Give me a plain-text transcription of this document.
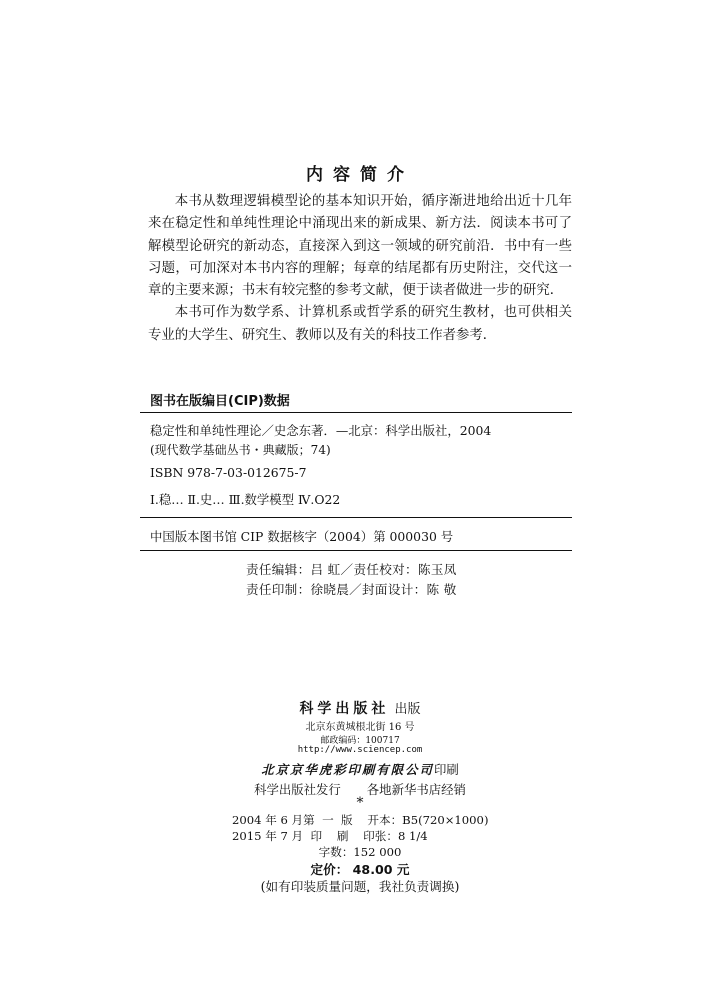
内容简介

本书从数理逻辑模型论的基本知识开始，循序渐进地给出近十几年来在稳定性和单纯性理论中涌现出来的新成果、新方法．阅读本书可了解模型论研究的新动态，直接深入到这一领域的研究前沿．书中有一些习题，可加深对本书内容的理解；每章的结尾都有历史附注，交代这一章的主要来源；书末有较完整的参考文献，便于读者做进一步的研究．

本书可作为数学系、计算机系或哲学系的研究生教材，也可供相关专业的大学生、研究生、教师以及有关的科技工作者参考．

图书在版编目(CIP)数据
稳定性和单纯性理论／史念东著．—北京：科学出版社，2004
(现代数学基础丛书・典藏版；74)
ISBN 978-7-03-012675-7
Ⅰ.稳… Ⅱ.史… Ⅲ.数学模型 Ⅳ.O22
中国版本图书馆 CIP 数据核字（2004）第 000030 号
责任编辑：吕 虹／责任校对：陈玉凤
责任印制：徐晓晨／封面设计：陈 敬
科学出版社 出版
北京东黄城根北街 16 号
邮政编码：100717
http://www.sciencep.com
北京京华虎彩印刷有限公司印刷
科学出版社发行 各地新华书店经销
*
2004 年 6 月第  一  版    开本：B5(720×1000)
2015 年 7 月  印    刷    印张：8 1/4
字数：152 000
定价： 48.00 元
(如有印装质量问题，我社负责调换)
